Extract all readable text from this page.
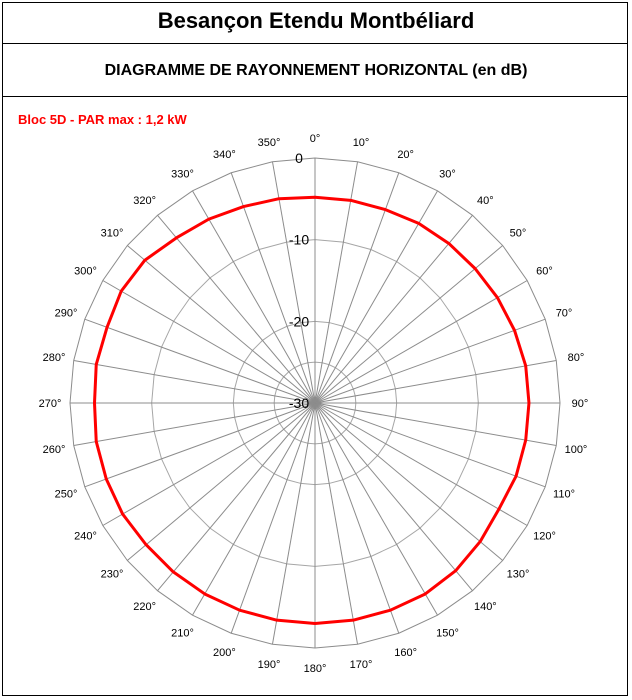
Besançon Etendu Montbéliard
DIAGRAMME DE RAYONNEMENT HORIZONTAL (en dB)
Bloc 5D - PAR max : 1,2 kW
0°	10°
20°
30°
40°
50°
60°
70°
80°
90°
100°
110°
120°
130°
140°
150°
160°
170°
180°
190°
200°
210°
220°
230°
240°
250°
260°
270°
280°
290°
300°
310°
320°
330°
340°
350°
0
-10
-20
-30
